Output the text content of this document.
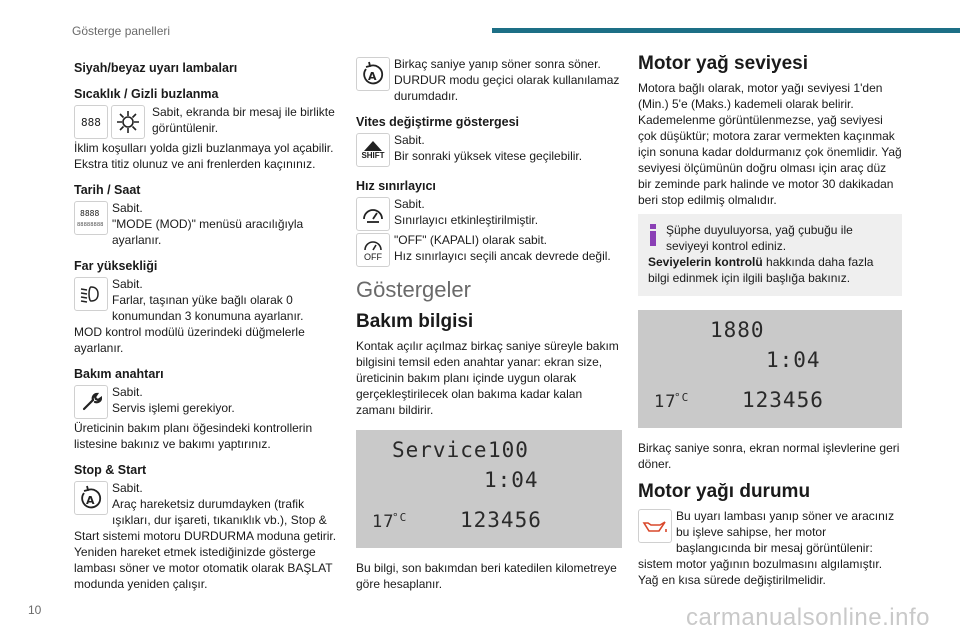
Gösterge panelleri
Siyah/beyaz uyarı lambaları
Sıcaklık / Gizli buzlanma
888
Sabit, ekranda bir mesaj ile birlikte görüntülenir.
İklim koşulları yolda gizli buzlanmaya yol açabilir. Ekstra titiz olunuz ve ani frenlerden kaçınınız.
Tarih / Saat
8888
88888888
Sabit.
"MODE (MOD)" menüsü aracılığıyla ayarlanır.
Far yüksekliği
Sabit.
Farlar, taşınan yüke bağlı olarak 0 konumundan 3 konumuna ayarlanır.
MOD kontrol modülü üzerindeki düğmelerle ayarlanır.
Bakım anahtarı
Sabit.
Servis işlemi gerekiyor.
Üreticinin bakım planı öğesindeki kontrollerin listesine bakınız ve bakımı yaptırınız.
Stop & Start
A
Sabit.
Araç hareketsiz durumdayken (trafik ışıkları, dur işareti, tıkanıklık vb.), Stop & Start sistemi motoru DURDURMA moduna getirir.
Yeniden hareket etmek istediğinizde gösterge lambası söner ve motor otomatik olarak BAŞLAT modunda yeniden çalışır.
A
Birkaç saniye yanıp söner sonra söner. DURDUR modu geçici olarak kullanılamaz durumdadır.
Vites değiştirme göstergesi
SHIFT
Sabit.
Bir sonraki yüksek vitese geçilebilir.
Hız sınırlayıcı
Sabit.
Sınırlayıcı etkinleştirilmiştir.
OFF
"OFF" (KAPALI) olarak sabit.
Hız sınırlayıcı seçili ancak devrede değil.
Göstergeler
Bakım bilgisi
Kontak açılır açılmaz birkaç saniye süreyle bakım bilgisini temsil eden anahtar yanar: ekran size, üreticinin bakım planı içinde uygun olarak gerçekleştirilecek olan bakıma kadar kalan zamanı bildirir.
Service 100
1:04
17
°C	123456
Bu bilgi, son bakımdan beri katedilen kilometreye göre hesaplanır.
Motor yağ seviyesi
Motora bağlı olarak, motor yağı seviyesi 1'den (Min.) 5'e (Maks.) kademeli olarak belirir. Kademelenme görüntülenmezse, yağ seviyesi çok düşüktür; motora zarar vermekten kaçınmak için sonuna kadar doldurmanız çok önemlidir. Yağ seviyesi ölçümünün doğru olması için araç düz bir zeminde park halinde ve motor 30 dakikadan beri stop edilmiş olmalıdır.
Şüphe duyuluyorsa, yağ çubuğu ile seviyeyi kontrol ediniz.
Seviyelerin kontrolü hakkında daha fazla bilgi edinmek için ilgili başlığa bakınız.
1880
1:04
17
°C	123456
Birkaç saniye sonra, ekran normal işlevlerine geri döner.
Motor yağı durumu
Bu uyarı lambası yanıp söner ve aracınız bu işleve sahipse, her motor başlangıcında bir mesaj görüntülenir: sistem motor yağının bozulmasını algılamıştır. Yağ en kısa sürede değiştirilmelidir.
10	carmanualsonline.info
